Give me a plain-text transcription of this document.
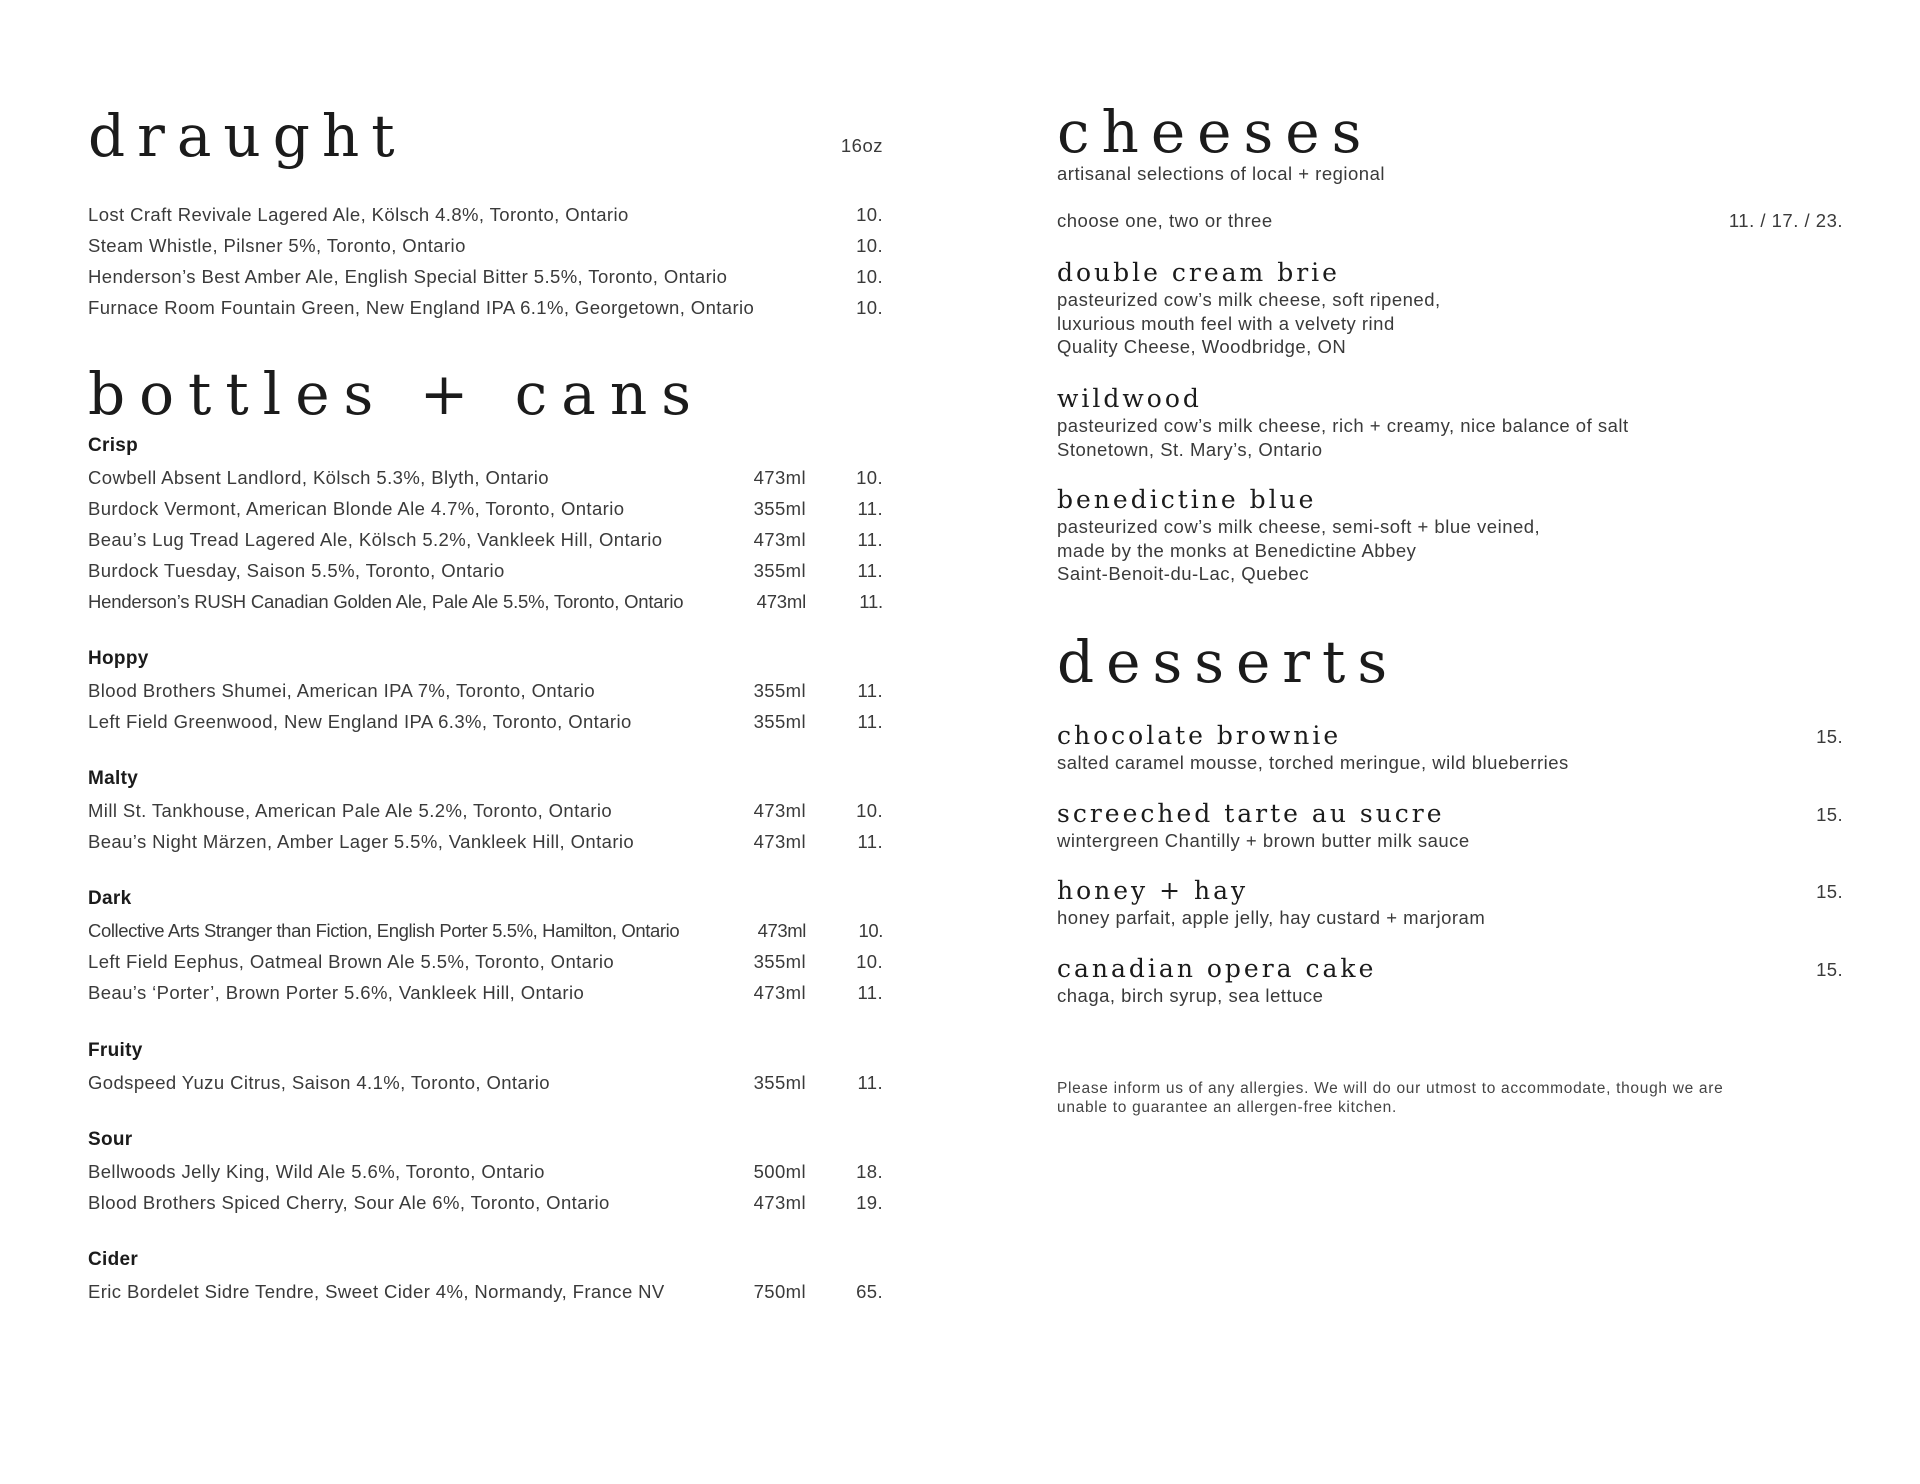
draught	16oz
Lost Craft Revivale Lagered Ale, Kölsch 4.8%, Toronto, Ontario	10.
Steam Whistle, Pilsner 5%, Toronto, Ontario	10.
Henderson’s Best Amber Ale, English Special Bitter 5.5%, Toronto, Ontario	10.
Furnace Room Fountain Green, New England IPA 6.1%, Georgetown, Ontario	10.
bottles + cans
Crisp
Cowbell Absent Landlord, Kölsch 5.3%, Blyth, Ontario	473ml	10.
Burdock Vermont, American Blonde Ale 4.7%, Toronto, Ontario	355ml	11.
Beau’s Lug Tread Lagered Ale, Kölsch 5.2%, Vankleek Hill, Ontario	473ml	11.
Burdock Tuesday, Saison 5.5%, Toronto, Ontario	355ml	11.
Henderson’s RUSH Canadian Golden Ale, Pale Ale 5.5%, Toronto, Ontario	473ml	11.
Hoppy
Blood Brothers Shumei, American IPA 7%, Toronto, Ontario	355ml	11.
Left Field Greenwood, New England IPA 6.3%, Toronto, Ontario	355ml	11.
Malty
Mill St. Tankhouse, American Pale Ale 5.2%, Toronto, Ontario	473ml	10.
Beau’s Night Märzen, Amber Lager 5.5%, Vankleek Hill, Ontario	473ml	11.
Dark
Collective Arts Stranger than Fiction, English Porter 5.5%, Hamilton, Ontario	473ml	10.
Left Field Eephus, Oatmeal Brown Ale 5.5%, Toronto, Ontario	355ml	10.
Beau’s ‘Porter’, Brown Porter 5.6%, Vankleek Hill, Ontario	473ml	11.
Fruity
Godspeed Yuzu Citrus, Saison 4.1%, Toronto, Ontario	355ml	11.
Sour
Bellwoods Jelly King, Wild Ale 5.6%, Toronto, Ontario	500ml	18.
Blood Brothers Spiced Cherry, Sour Ale 6%, Toronto, Ontario	473ml	19.
Cider
Eric Bordelet Sidre Tendre, Sweet Cider 4%, Normandy, France NV	750ml	65.
cheeses
artisanal selections of local + regional
choose one, two or three	11. / 17. / 23.
double cream brie
pasteurized cow’s milk cheese, soft ripened,
luxurious mouth feel with a velvety rind
Quality Cheese, Woodbridge, ON
wildwood
pasteurized cow’s milk cheese, rich + creamy, nice balance of salt
Stonetown, St. Mary’s, Ontario
benedictine blue
pasteurized cow’s milk cheese, semi-soft + blue veined,
made by the monks at Benedictine Abbey
Saint-Benoit-du-Lac, Quebec
desserts
chocolate brownie	15.
salted caramel mousse, torched meringue, wild blueberries
screeched tarte au sucre	15.
wintergreen Chantilly + brown butter milk sauce
honey + hay	15.
honey parfait, apple jelly, hay custard + marjoram
canadian opera cake	15.
chaga, birch syrup, sea lettuce
Please inform us of any allergies. We will do our utmost to accommodate, though we are
unable to guarantee an allergen-free kitchen.
